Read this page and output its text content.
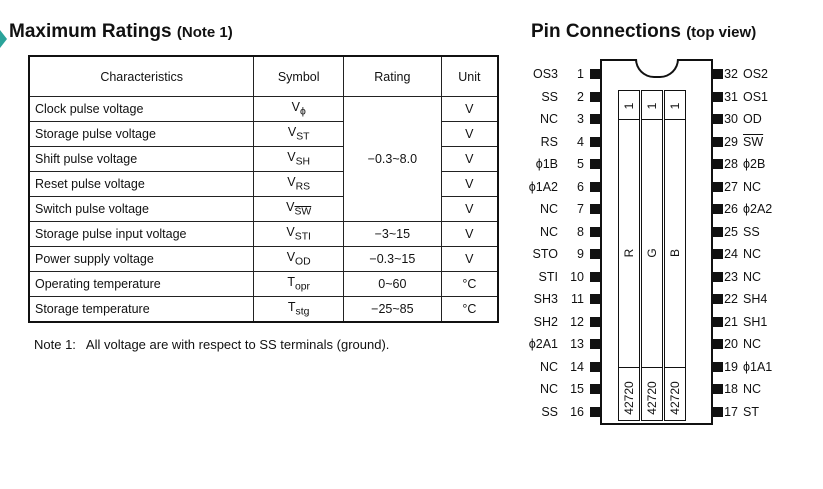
Maximum Ratings (Note 1)	Pin Connections (top view)
Characteristics	Symbol	Rating	Unit
Clock pulse voltage	$V_\phi$	−0.3~8.0	V
Storage pulse voltage	$V_{ST}$		V
Shift pulse voltage	$V_{SH}$		V
Reset pulse voltage	$V_{RS}$		V
Switch pulse voltage	$V_{\overline{SW}}$		V
Storage pulse input voltage	$V_{STI}$	−3~15	V
Power supply voltage	$V_{OD}$	−0.3~15	V
Operating temperature	$T_{opr}$	0~60	°C
Storage temperature	$T_{stg}$	−25~85	°C
Note 1: All voltage are with respect to SS terminals (ground).
1
R
42720
1
G
42720
1
B
42720
OS3	1
SS	2
NC	3
RS	4
ϕ1B	5
ϕ1A2	6
NC	7
NC	8
STO	9
STI 10
SH3	11
SH2 12
ϕ2A1 13
NC 14
NC 15
SS 16
32 OS2
31 OS1
30 OD
29 $\overline{SW}$
28 ϕ2B
27 NC
26 ϕ2A2
25 SS
24 NC
23 NC
22 SH4
21 SH1
20 NC
19 ϕ1A1
18 NC
17 ST
